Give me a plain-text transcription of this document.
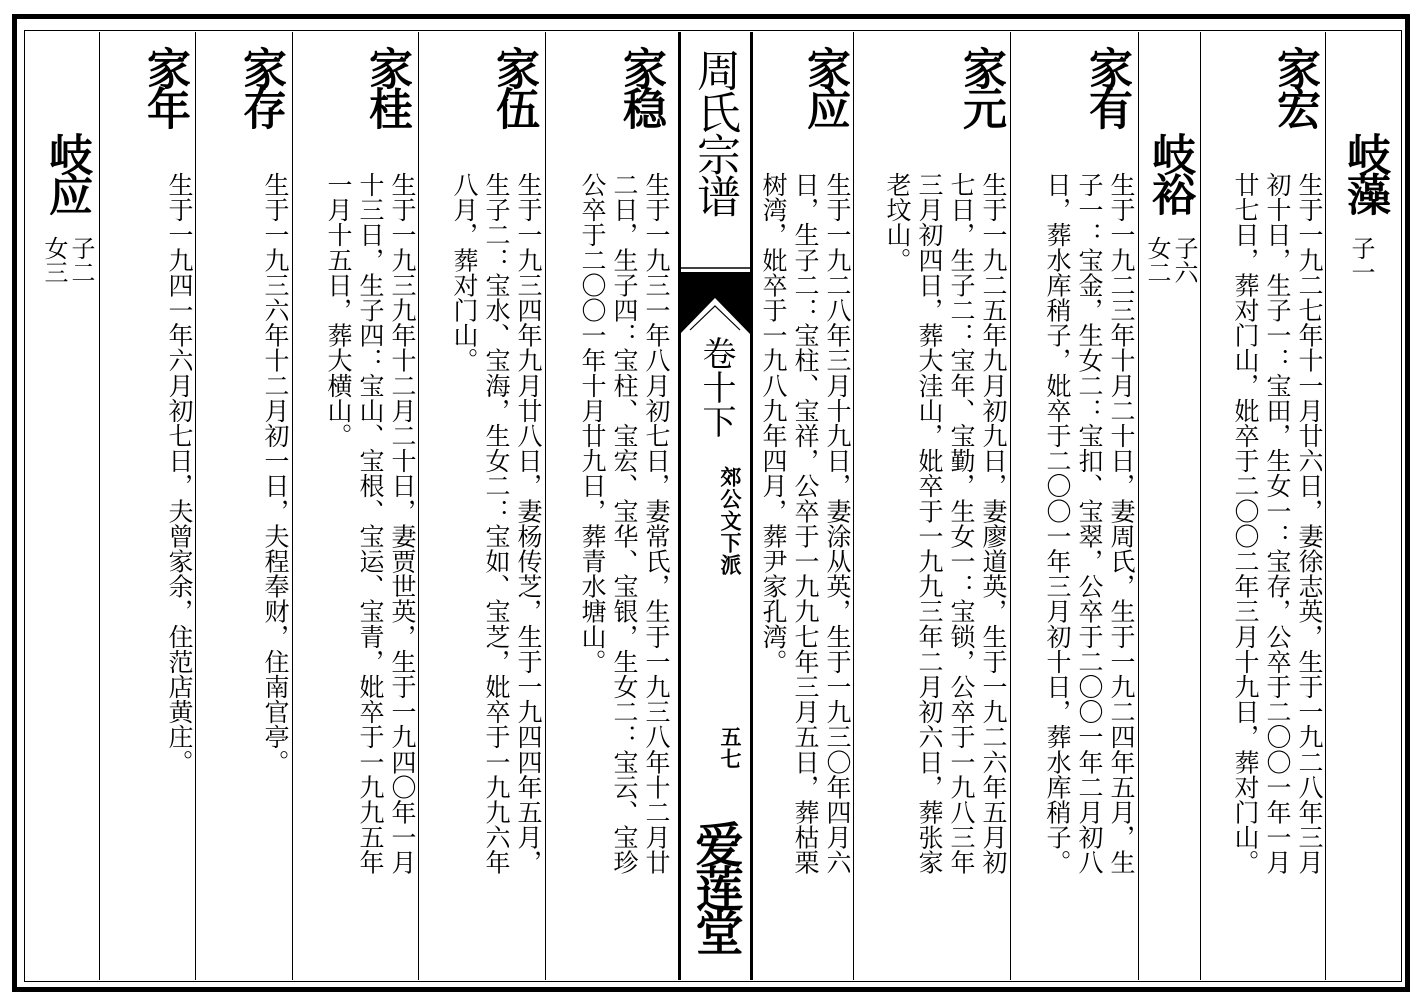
岐藻
子一
家宏
生于一九二七年十一月廿六日，妻徐志英，生于一九二八年三月
初十日，生子一：宝田，生女一：宝存，公卒于二〇〇一年一月
廿七日，葬对门山，妣卒于二〇〇二年三月十九日，葬对门山。
岐裕
子六
女二
家有
生于一九二三年十月二十日，妻周氏，生于一九二四年五月，生
子一：宝金，生女二：宝扣、宝翠，公卒于二〇〇一年二月初八
日，葬水库稍子，妣卒于二〇〇一年三月初十日，葬水库稍子。
家元
生于一九二五年九月初九日，妻廖道英，生于一九二六年五月初
七日，生子二：宝年、宝勤，生女一：宝锁，公卒于一九八三年
三月初四日，葬大洼山，妣卒于一九九三年二月初六日，葬张家
老坟山。
家应
生于一九二八年三月十九日，妻涂从英，生于一九三〇年四月六
日，生子二：宝柱、宝祥，公卒于一九九七年三月五日，葬枯栗
树湾，妣卒于一九八九年四月，葬尹家孔湾。
周氏宗谱
卷十下
郊公文下派
五七
爱莲堂
家稳
生于一九三一年八月初七日，妻常氏，生于一九三八年十二月廿
二日，生子四：宝柱、宝宏、宝华、宝银，生女二：宝云、宝珍
公卒于二〇〇一年十月廿九日，葬青水塘山。
家伍
生于一九三四年九月廿八日，妻杨传芝，生于一九四四年五月，
生子二：宝水、宝海，生女二：宝如、宝芝，妣卒于一九九六年
八月，葬对门山。
家桂
生于一九三九年十二月二十日，妻贾世英，生于一九四〇年一月
十三日，生子四：宝山、宝根、宝运、宝青，妣卒于一九九五年
一月十五日，葬大横山。
家存
生于一九三六年十二月初一日，夫程奉财，住南官亭。
家年
生于一九四一年六月初七日，夫曾家余，住范店黄庄。
岐应
子二
女三
